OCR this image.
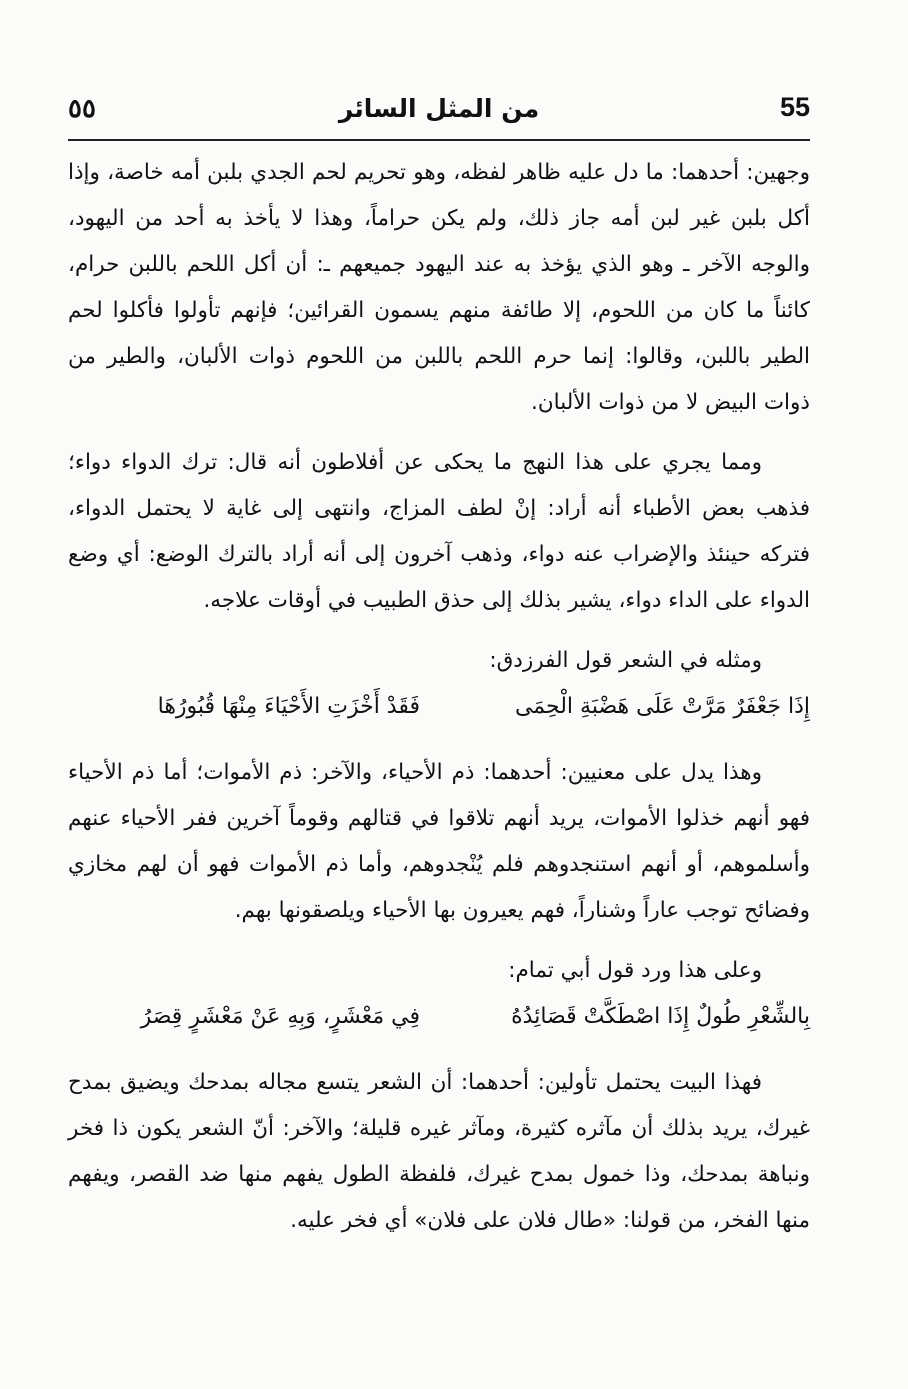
٥٥	من المثل السائر	55

وجهين: أحدهما: ما دل عليه ظاهر لفظه، وهو تحريم لحم الجدي بلبن أمه خاصة، وإذا أكل بلبن غير لبن أمه جاز ذلك، ولم يكن حراماً، وهذا لا يأخذ به أحد من اليهود، والوجه الآخر ـ وهو الذي يؤخذ به عند اليهود جميعهم ـ: أن أكل اللحم باللبن حرام، كائناً ما كان من اللحوم، إلا طائفة منهم يسمون القرائين؛ فإنهم تأولوا فأكلوا لحم الطير باللبن، وقالوا: إنما حرم اللحم باللبن من اللحوم ذوات الألبان، والطير من ذوات البيض لا من ذوات الألبان.

ومما يجري على هذا النهج ما يحكى عن أفلاطون أنه قال: ترك الدواء دواء؛ فذهب بعض الأطباء أنه أراد: إنْ لطف المزاج، وانتهى إلى غاية لا يحتمل الدواء، فتركه حينئذ والإضراب عنه دواء، وذهب آخرون إلى أنه أراد بالترك الوضع: أي وضع الدواء على الداء دواء، يشير بذلك إلى حذق الطبيب في أوقات علاجه.

ومثله في الشعر قول الفرزدق:

إِذَا جَعْفَرٌ مَرَّتْ عَلَى هَضْبَةِ الْحِمَى
فَقَدْ أَخْزَتِ الأَحْيَاءَ مِنْهَا قُبُورُهَا

وهذا يدل على معنيين: أحدهما: ذم الأحياء، والآخر: ذم الأموات؛ أما ذم الأحياء فهو أنهم خذلوا الأموات، يريد أنهم تلاقوا في قتالهم وقوماً آخرين ففر الأحياء عنهم وأسلموهم، أو أنهم استنجدوهم فلم يُنْجدوهم، وأما ذم الأموات فهو أن لهم مخازي وفضائح توجب عاراً وشناراً، فهم يعيرون بها الأحياء ويلصقونها بهم.

وعلى هذا ورد قول أبي تمام:

بِالشِّعْرِ طُولٌ إِذَا اصْطَكَّتْ قَصَائِدُهُ
فِي مَعْشَرٍ، وَبِهِ عَنْ مَعْشَرٍ قِصَرُ

فهذا البيت يحتمل تأولين: أحدهما: أن الشعر يتسع مجاله بمدحك ويضيق بمدح غيرك، يريد بذلك أن مآثره كثيرة، ومآثر غيره قليلة؛ والآخر: أنّ الشعر يكون ذا فخر ونباهة بمدحك، وذا خمول بمدح غيرك، فلفظة الطول يفهم منها ضد القصر، ويفهم منها الفخر، من قولنا: «طال فلان على فلان» أي فخر عليه.
